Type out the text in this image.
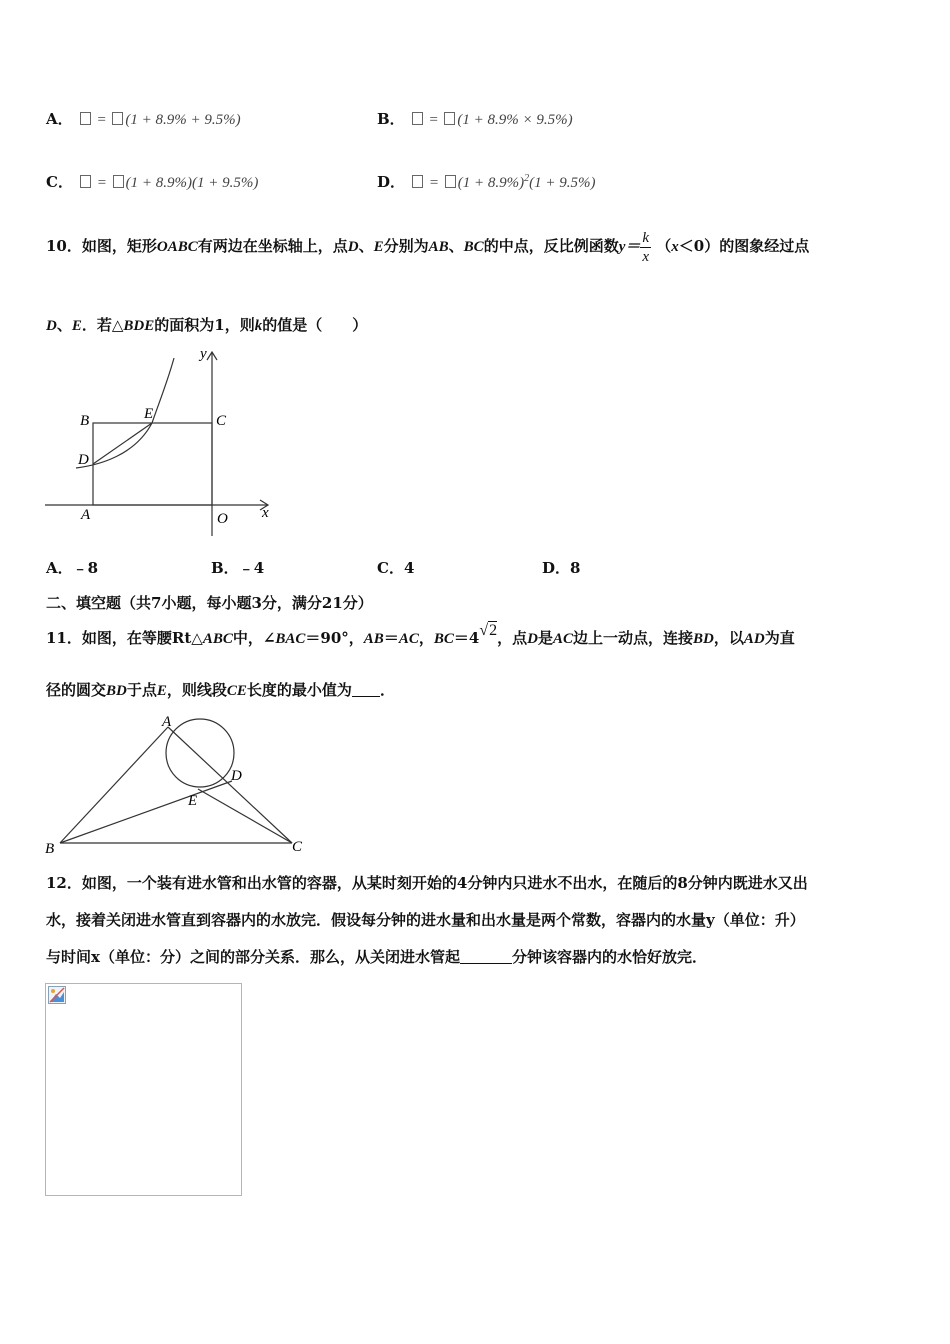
A． = (1 + 8.9% + 9.5%)	B． = (1 + 8.9% × 9.5%)
C． = (1 + 8.9%)(1 + 9.5%)	D． = $(1 + 8.9\%)^2(1 + 9.5\%)$
10．如图，矩形OABC有两边在坐标轴上，点D、E分别为AB、BC的中点，反比例函数$y= \frac{k}{x} (x<0)$的图象经过点
D、E．若△BDE的面积为1，则k的值是（　　）
y
x
B	E	C
D
A	O
A．﹣8	B．﹣4	C．4	D．8
二、填空题（共7小题，每小题3分，满分21分）
11．如图，在等腰Rt△ABC中，∠BAC＝90°，AB＝AC，BC＝4√2，点D是AC边上一动点，连接BD，以AD为直
径的圆交BD于点E，则线段CE长度的最小值为 ．
A
D
E
B	C
12．如图，一个装有进水管和出水管的容器，从某时刻开始的4分钟内只进水不出水，在随后的8分钟内既进水又出
水，接着关闭进水管直到容器内的水放完．假设每分钟的进水量和出水量是两个常数，容器内的水量y（单位：升）
与时间x（单位：分）之间的部分关系．那么，从关闭进水管起	分钟该容器内的水恰好放完．
